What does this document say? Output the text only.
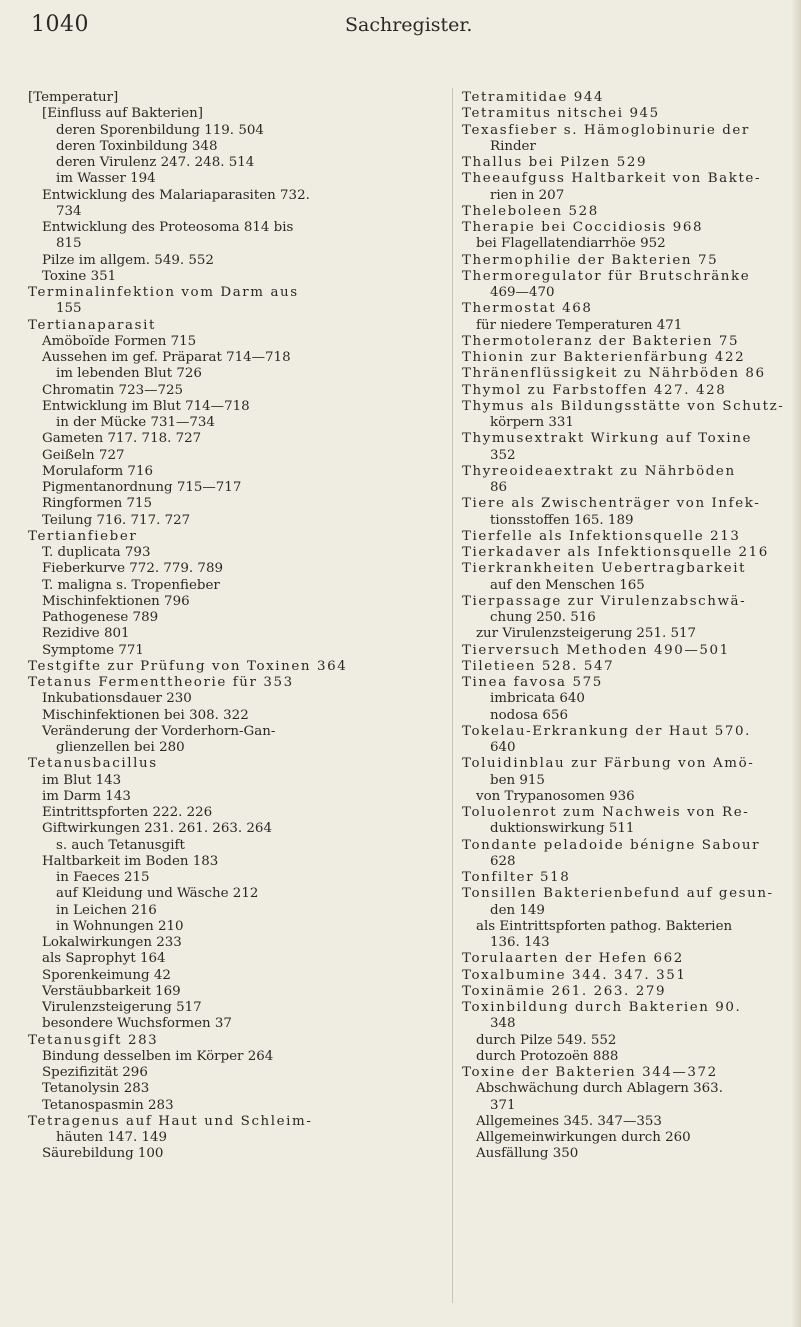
1040	Sachregister.
[Temperatur]
[Einfluss auf Bakterien]
deren Sporenbildung 119. 504
deren Toxinbildung 348
deren Virulenz 247. 248. 514
im Wasser 194
Entwicklung des Malariaparasiten 732.
734
Entwicklung des Proteosoma 814 bis
815
Pilze im allgem. 549. 552
Toxine 351
Terminalinfektion vom Darm aus
155
Tertianaparasit
Amöboïde Formen 715
Aussehen im gef. Präparat 714—718
im lebenden Blut 726
Chromatin 723—725
Entwicklung im Blut 714—718
in der Mücke 731—734
Gameten 717. 718. 727
Geißeln 727
Morulaform 716
Pigmentanordnung 715—717
Ringformen 715
Teilung 716. 717. 727
Tertianfieber
T. duplicata 793
Fieberkurve 772. 779. 789
T. maligna s. Tropenfieber
Mischinfektionen 796
Pathogenese 789
Rezidive 801
Symptome 771
Testgifte zur Prüfung von Toxinen 364
Tetanus Fermenttheorie für 353
Inkubationsdauer 230
Mischinfektionen bei 308. 322
Veränderung der Vorderhorn-Gan-
glienzellen bei 280
Tetanusbacillus
im Blut 143
im Darm 143
Eintrittspforten 222. 226
Giftwirkungen 231. 261. 263. 264
s. auch Tetanusgift
Haltbarkeit im Boden 183
in Faeces 215
auf Kleidung und Wäsche 212
in Leichen 216
in Wohnungen 210
Lokalwirkungen 233
als Saprophyt 164
Sporenkeimung 42
Verstäubbarkeit 169
Virulenzsteigerung 517
besondere Wuchsformen 37
Tetanusgift 283
Bindung desselben im Körper 264
Spezifizität 296
Tetanolysin 283
Tetanospasmin 283
Tetragenus auf Haut und Schleim-
häuten 147. 149
Säurebildung 100
Tetramitidae 944
Tetramitus nitschei 945
Texasfieber s. Hämoglobinurie der
Rinder
Thallus bei Pilzen 529
Theeaufguss Haltbarkeit von Bakte-
rien in 207
Theleboleen 528
Therapie bei Coccidiosis 968
bei Flagellatendiarrhöe 952
Thermophilie der Bakterien 75
Thermoregulator für Brutschränke
469—470
Thermostat 468
für niedere Temperaturen 471
Thermotoleranz der Bakterien 75
Thionin zur Bakterienfärbung 422
Thränenflüssigkeit zu Nährböden 86
Thymol zu Farbstoffen 427. 428
Thymus als Bildungsstätte von Schutz-
körpern 331
Thymusextrakt Wirkung auf Toxine
352
Thyreoideaextrakt zu Nährböden
86
Tiere als Zwischenträger von Infek-
tionsstoffen 165. 189
Tierfelle als Infektionsquelle 213
Tierkadaver als Infektionsquelle 216
Tierkrankheiten Uebertragbarkeit
auf den Menschen 165
Tierpassage zur Virulenzabschwä-
chung 250. 516
zur Virulenzsteigerung 251. 517
Tierversuch Methoden 490—501
Tiletieen 528. 547
Tinea favosa 575
imbricata 640
nodosa 656
Tokelau-Erkrankung der Haut 570.
640
Toluidinblau zur Färbung von Amö-
ben 915
von Trypanosomen 936
Toluolenrot zum Nachweis von Re-
duktionswirkung 511
Tondante peladoide bénigne Sabour
628
Tonfilter 518
Tonsillen Bakterienbefund auf gesun-
den 149
als Eintrittspforten pathog. Bakterien
136. 143
Torulaarten der Hefen 662
Toxalbumine 344. 347. 351
Toxinämie 261. 263. 279
Toxinbildung durch Bakterien 90.
348
durch Pilze 549. 552
durch Protozoën 888
Toxine der Bakterien 344—372
Abschwächung durch Ablagern 363.
371
Allgemeines 345. 347—353
Allgemeinwirkungen durch 260
Ausfällung 350
